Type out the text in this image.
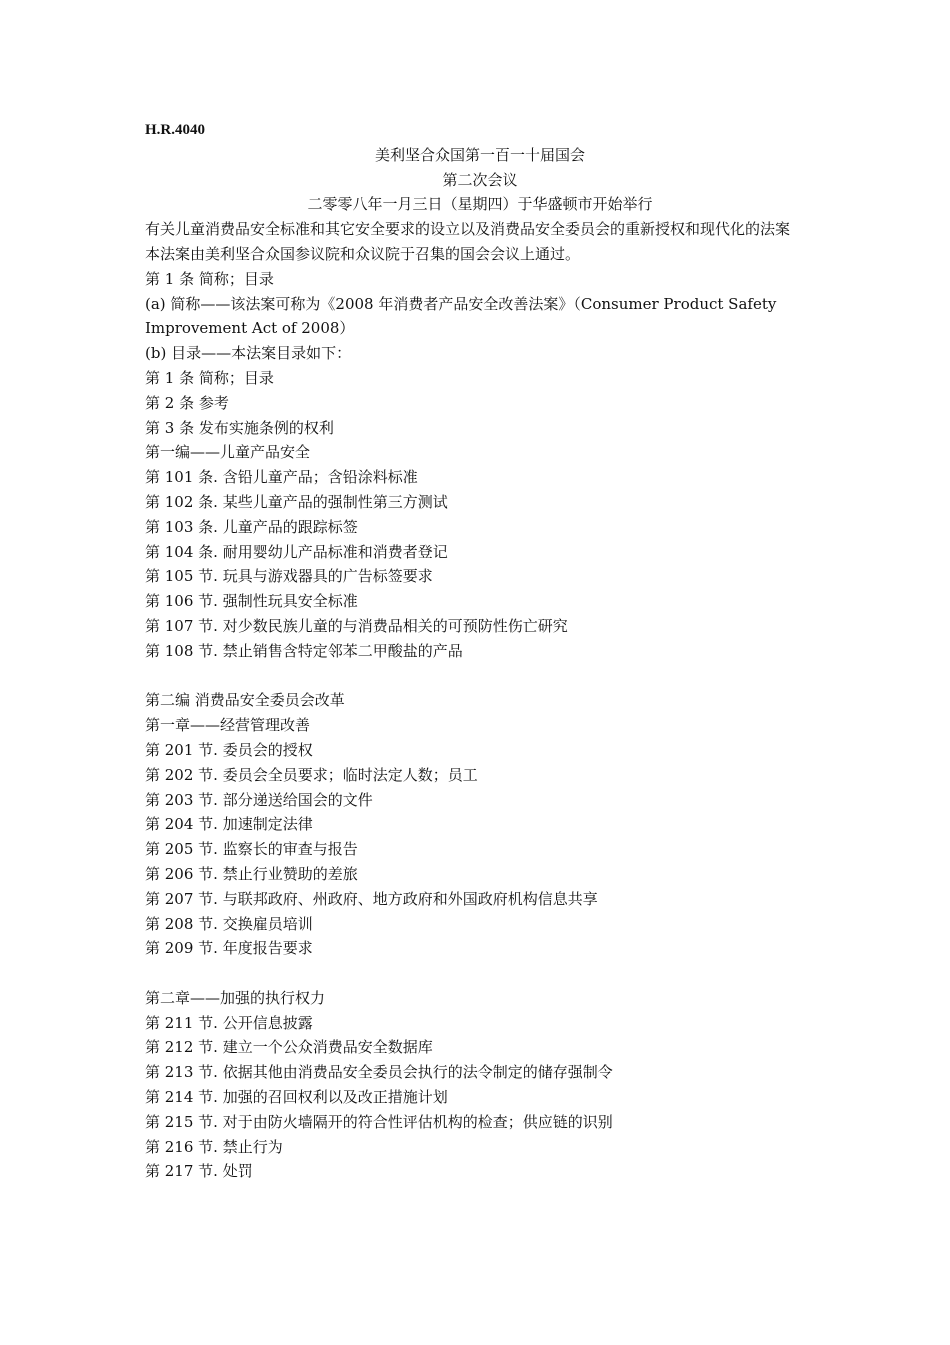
H.R.4040
美利坚合众国第一百一十届国会
第二次会议
二零零八年一月三日（星期四）于华盛顿市开始举行
有关儿童消费品安全标准和其它安全要求的设立以及消费品安全委员会的重新授权和现代化的法案
本法案由美利坚合众国参议院和众议院于召集的国会会议上通过。
第 1 条 简称；目录
(a) 简称——该法案可称为《2008 年消费者产品安全改善法案》（Consumer Product Safety Improvement Act of 2008）
(b) 目录——本法案目录如下：
第 1 条 简称；目录
第 2 条 参考
第 3 条 发布实施条例的权利
第一编——儿童产品安全
第 101 条. 含铅儿童产品；含铅涂料标准
第 102 条. 某些儿童产品的强制性第三方测试
第 103 条. 儿童产品的跟踪标签
第 104 条. 耐用婴幼儿产品标准和消费者登记
第 105 节. 玩具与游戏器具的广告标签要求
第 106 节. 强制性玩具安全标准
第 107 节. 对少数民族儿童的与消费品相关的可预防性伤亡研究
第 108 节. 禁止销售含特定邻苯二甲酸盐的产品
第二编 消费品安全委员会改革
第一章——经营管理改善
第 201 节. 委员会的授权
第 202 节. 委员会全员要求；临时法定人数；员工
第 203 节. 部分递送给国会的文件
第 204 节. 加速制定法律
第 205 节. 监察长的审查与报告
第 206 节. 禁止行业赞助的差旅
第 207 节. 与联邦政府、州政府、地方政府和外国政府机构信息共享
第 208 节. 交换雇员培训
第 209 节. 年度报告要求
第二章——加强的执行权力
第 211 节. 公开信息披露
第 212 节. 建立一个公众消费品安全数据库
第 213 节. 依据其他由消费品安全委员会执行的法令制定的储存强制令
第 214 节. 加强的召回权利以及改正措施计划
第 215 节. 对于由防火墙隔开的符合性评估机构的检查；供应链的识别
第 216 节. 禁止行为
第 217 节. 处罚
